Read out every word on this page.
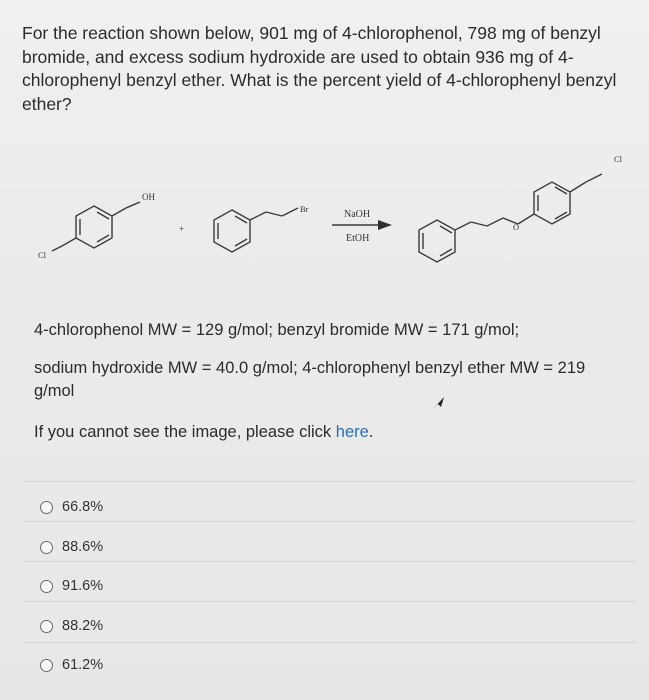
For the reaction shown below, 901 mg of 4-chlorophenol, 798 mg of benzyl bromide, and excess sodium hydroxide are used to obtain 936 mg of 4-chlorophenyl benzyl ether. What is the percent yield of 4-chlorophenyl benzyl ether?
OH
Cl
+
Br	NaOH
EtOH
O
Cl
4-chlorophenol MW = 129 g/mol; benzyl bromide MW = 171 g/mol;
sodium hydroxide MW = 40.0 g/mol; 4-chlorophenyl benzyl ether MW = 219 g/mol
If you cannot see the image, please click here.
66.8%
88.6%
91.6%
88.2%
61.2%
